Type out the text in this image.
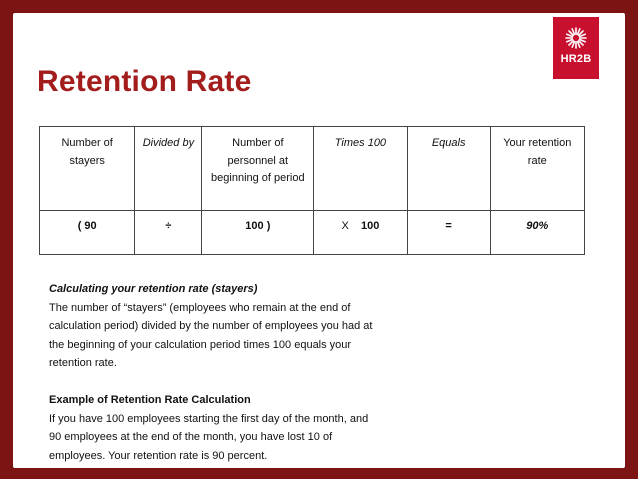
Retention Rate
HR2B
Number of stayers	Divided by	Number of personnel at beginning of period	Times 100	Equals	Your retention rate
( 90	÷	100 )	X 100	=	90%

Calculating your retention rate (stayers)

The number of “stayers” (employees who remain at the end of

calculation period) divided by the number of employees you had at

the beginning of your calculation period times 100 equals your

retention rate.

Example of Retention Rate Calculation

If you have 100 employees starting the first day of the month, and

90 employees at the end of the month, you have lost 10 of

employees. Your retention rate is 90 percent.
